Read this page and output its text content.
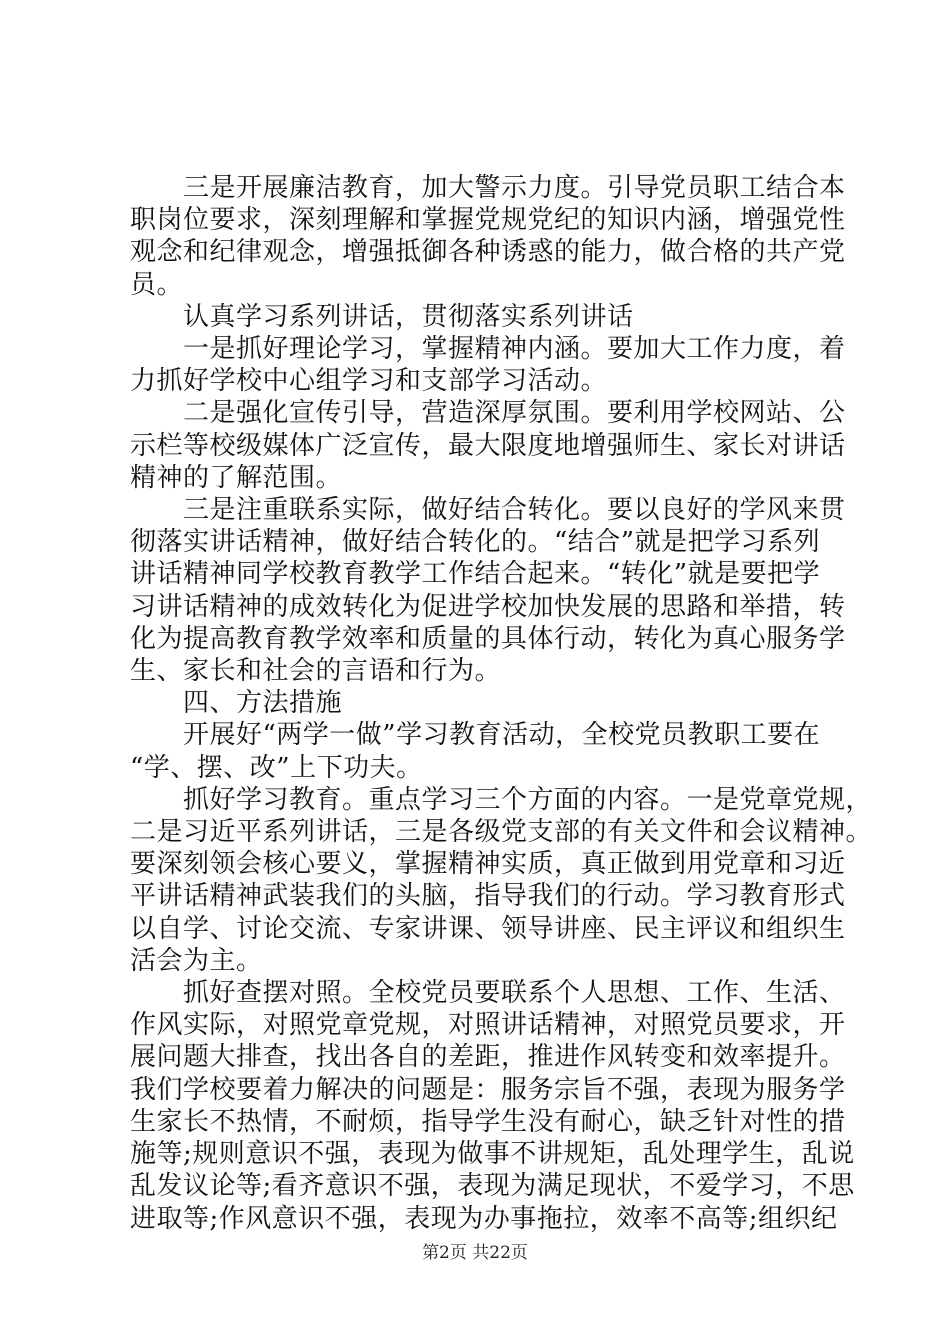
　　三是开展廉洁教育，加大警示力度。引导党员职工结合本
职岗位要求，深刻理解和掌握党规党纪的知识内涵，增强党性
观念和纪律观念，增强抵御各种诱惑的能力，做合格的共产党
员。
　　认真学习系列讲话，贯彻落实系列讲话
　　一是抓好理论学习，掌握精神内涵。要加大工作力度，着
力抓好学校中心组学习和支部学习活动。
　　二是强化宣传引导，营造深厚氛围。要利用学校网站、公
示栏等校级媒体广泛宣传，最大限度地增强师生、家长对讲话
精神的了解范围。
　　三是注重联系实际，做好结合转化。要以良好的学风来贯
彻落实讲话精神，做好结合转化的。“结合”就是把学习系列
讲话精神同学校教育教学工作结合起来。“转化”就是要把学
习讲话精神的成效转化为促进学校加快发展的思路和举措，转
化为提高教育教学效率和质量的具体行动，转化为真心服务学
生、家长和社会的言语和行为。
　　四、方法措施
　　开展好“两学一做”学习教育活动，全校党员教职工要在
“学、摆、改”上下功夫。
　　抓好学习教育。重点学习三个方面的内容。一是党章党规，
二是习近平系列讲话，三是各级党支部的有关文件和会议精神。
要深刻领会核心要义，掌握精神实质，真正做到用党章和习近
平讲话精神武装我们的头脑，指导我们的行动。学习教育形式
以自学、讨论交流、专家讲课、领导讲座、民主评议和组织生
活会为主。
　　抓好查摆对照。全校党员要联系个人思想、工作、生活、
作风实际，对照党章党规，对照讲话精神，对照党员要求，开
展问题大排查，找出各自的差距，推进作风转变和效率提升。
我们学校要着力解决的问题是：服务宗旨不强，表现为服务学
生家长不热情，不耐烦，指导学生没有耐心，缺乏针对性的措
施等;规则意识不强，表现为做事不讲规矩，乱处理学生，乱说
乱发议论等;看齐意识不强，表现为满足现状，不爱学习，不思
进取等;作风意识不强，表现为办事拖拉，效率不高等;组织纪
第2页 共22页
